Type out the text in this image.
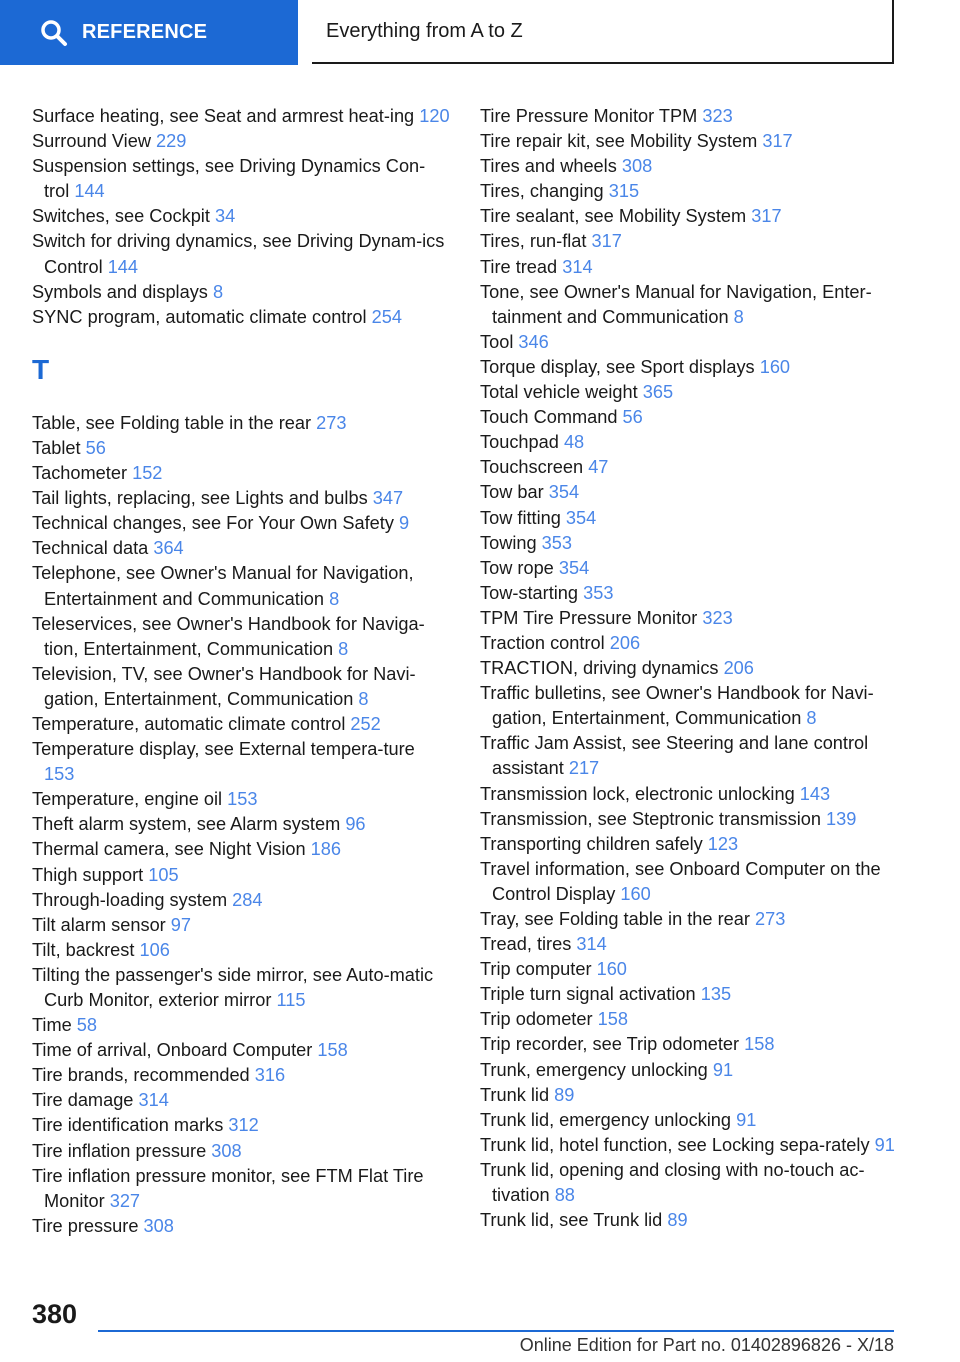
REFERENCE	Everything from A to Z

Surface heating, see Seat and armrest heat-ing 120

Surround View 229

Suspension settings, see Driving Dynamics Con-trol 144

Switches, see Cockpit 34

Switch for driving dynamics, see Driving Dynam-ics Control 144

Symbols and displays 8

SYNC program, automatic climate control 254

T

Table, see Folding table in the rear 273

Tablet 56

Tachometer 152

Tail lights, replacing, see Lights and bulbs 347

Technical changes, see For Your Own Safety 9

Technical data 364

Telephone, see Owner's Manual for Navigation, Entertainment and Communication 8

Teleservices, see Owner's Handbook for Naviga-tion, Entertainment, Communication 8

Television, TV, see Owner's Handbook for Navi-gation, Entertainment, Communication 8

Temperature, automatic climate control 252

Temperature display, see External tempera-ture 153

Temperature, engine oil 153

Theft alarm system, see Alarm system 96

Thermal camera, see Night Vision 186

Thigh support 105

Through-loading system 284

Tilt alarm sensor 97

Tilt, backrest 106

Tilting the passenger's side mirror, see Auto-matic Curb Monitor, exterior mirror 115

Time 58

Time of arrival, Onboard Computer 158

Tire brands, recommended 316

Tire damage 314

Tire identification marks 312

Tire inflation pressure 308

Tire inflation pressure monitor, see FTM Flat Tire Monitor 327

Tire pressure 308

Tire Pressure Monitor TPM 323

Tire repair kit, see Mobility System 317

Tires and wheels 308

Tires, changing 315

Tire sealant, see Mobility System 317

Tires, run-flat 317

Tire tread 314

Tone, see Owner's Manual for Navigation, Enter-tainment and Communication 8

Tool 346

Torque display, see Sport displays 160

Total vehicle weight 365

Touch Command 56

Touchpad 48

Touchscreen 47

Tow bar 354

Tow fitting 354

Towing 353

Tow rope 354

Tow-starting 353

TPM Tire Pressure Monitor 323

Traction control 206

TRACTION, driving dynamics 206

Traffic bulletins, see Owner's Handbook for Navi-gation, Entertainment, Communication 8

Traffic Jam Assist, see Steering and lane control assistant 217

Transmission lock, electronic unlocking 143

Transmission, see Steptronic transmission 139

Transporting children safely 123

Travel information, see Onboard Computer on the Control Display 160

Tray, see Folding table in the rear 273

Tread, tires 314

Trip computer 160

Triple turn signal activation 135

Trip odometer 158

Trip recorder, see Trip odometer 158

Trunk, emergency unlocking 91

Trunk lid 89

Trunk lid, emergency unlocking 91

Trunk lid, hotel function, see Locking sepa-rately 91

Trunk lid, opening and closing with no-touch ac-tivation 88

Trunk lid, see Trunk lid 89

380
Online Edition for Part no. 01402896826 - X/18
